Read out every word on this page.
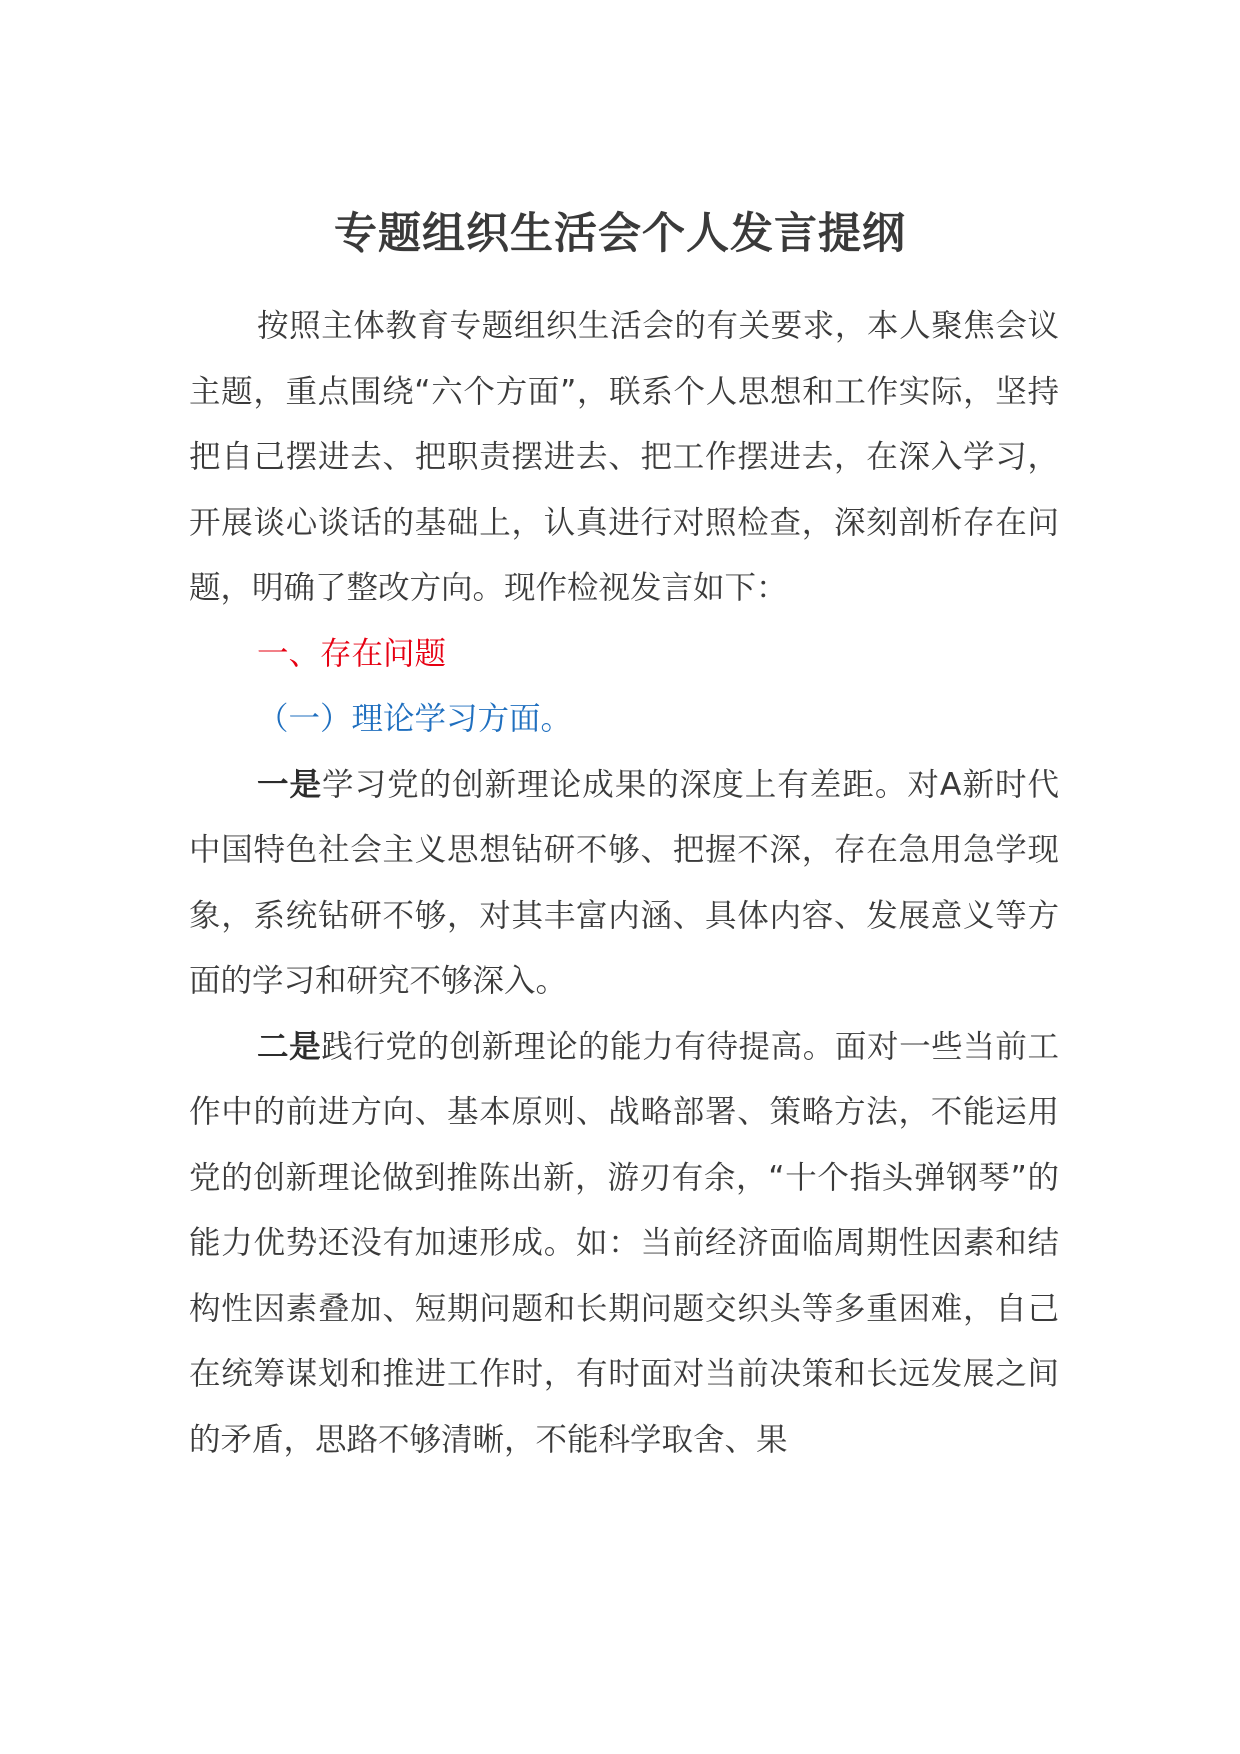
专题组织生活会个人发言提纲

按照主体教育专题组织生活会的有关要求，本人聚焦会议主题，重点围绕“六个方面”，联系个人思想和工作实际，坚持把自己摆进去、把职责摆进去、把工作摆进去，在深入学习，开展谈心谈话的基础上，认真进行对照检查，深刻剖析存在问题，明确了整改方向。现作检视发言如下：

一、存在问题

（一）理论学习方面。

一是学习党的创新理论成果的深度上有差距。对A新时代中国特色社会主义思想钻研不够、把握不深，存在急用急学现象，系统钻研不够，对其丰富内涵、具体内容、发展意义等方面的学习和研究不够深入。

二是践行党的创新理论的能力有待提高。面对一些当前工作中的前进方向、基本原则、战略部署、策略方法，不能运用党的创新理论做到推陈出新，游刃有余，“十个指头弹钢琴”的能力优势还没有加速形成。如：当前经济面临周期性因素和结构性因素叠加、短期问题和长期问题交织头等多重困难，自己在统筹谋划和推进工作时，有时面对当前决策和长远发展之间的矛盾，思路不够清晰，不能科学取舍、果
